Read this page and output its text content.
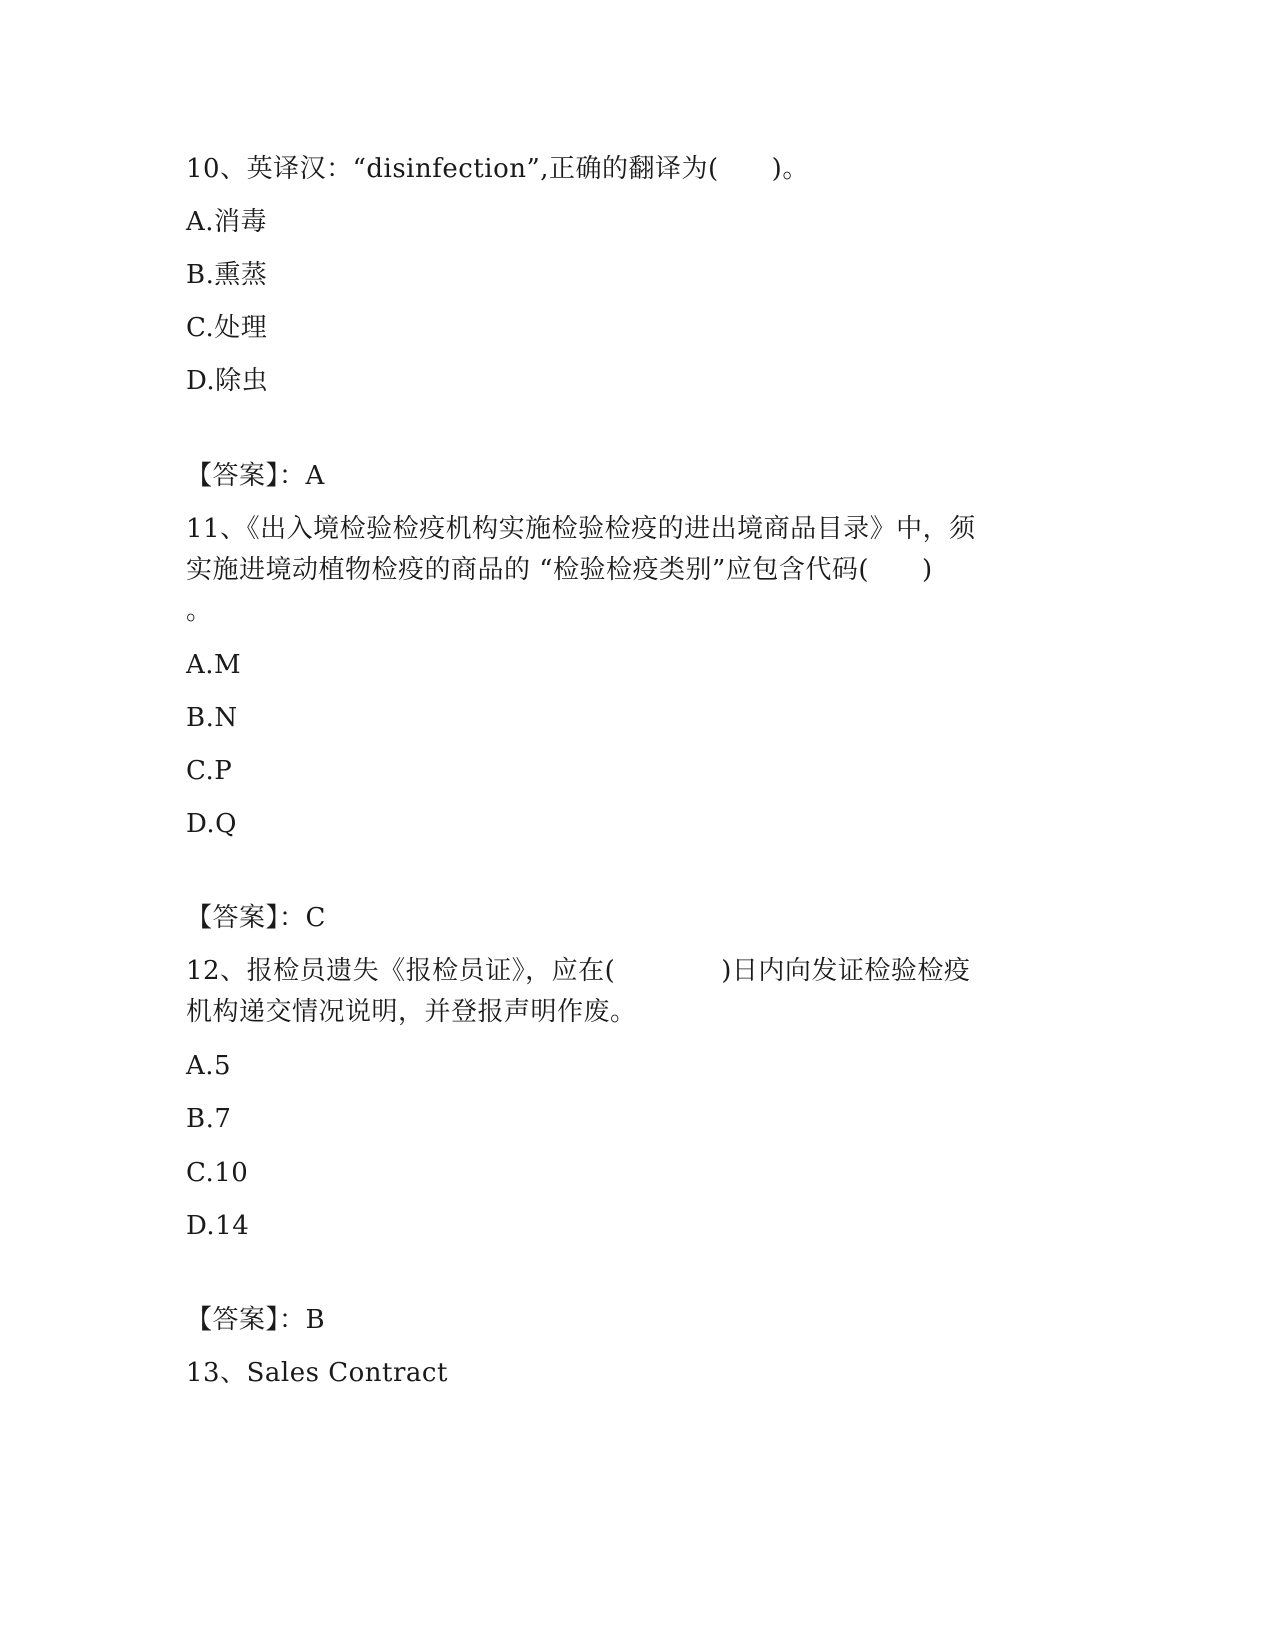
10、英译汉：“disinfection”,正确的翻译为(　　)。
A.消毒
B.熏蒸
C.处理
D.除虫
【答案】：A
11、《出入境检验检疫机构实施检验检疫的进出境商品目录》中，须
实施进境动植物检疫的商品的 “检验检疫类别”应包含代码(　　)
。
A.M
B.N
C.P
D.Q
【答案】：C
12、报检员遗失《报检员证》，应在(　　　　)日内向发证检验检疫
机构递交情况说明，并登报声明作废。
A.5
B.7
C.10
D.14
【答案】：B
13、Sales Contract
